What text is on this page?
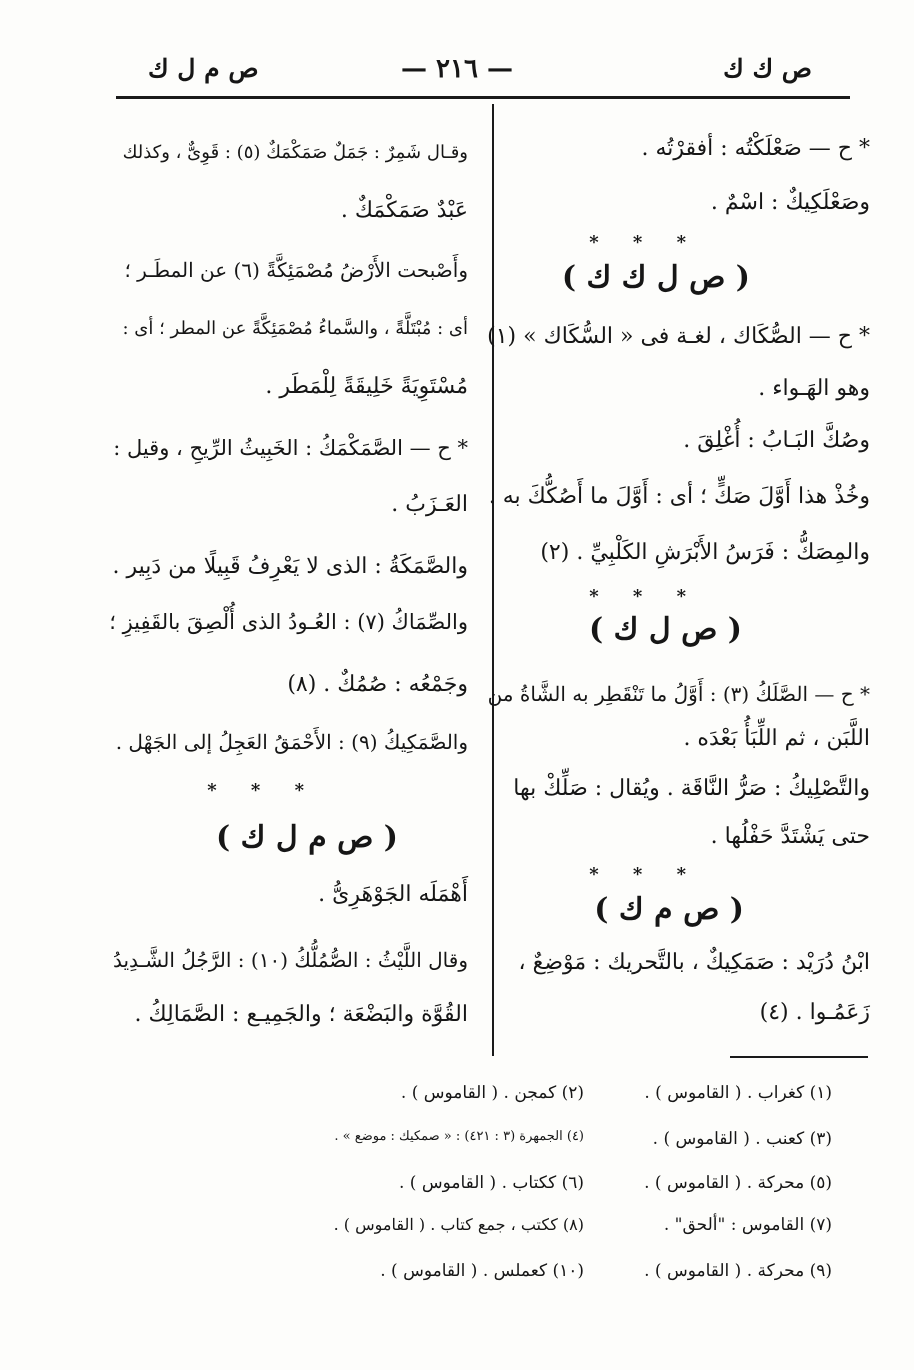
ص ك ك
— ٢١٦ —
ص م ل ك
* ح — صَعْلَكْتُه : أفقرْتُه .
وصَعْلَكِيكٌ : اسْمٌ .
* * *
( ص ل ك ك )
* ح — الصُّكَاك ، لغـة فى « السُّكَاك » (١)
وهو الهَـواء .
وصُكَّ البَـابُ : أُغْلِقَ .
وخُذْ هذا أَوَّلَ صَكٍّ ؛ أى : أَوَّلَ ما أَصُكُّكَ به .
والمِصَكُّ : فَرَسُ الأَبْرَشِ الكَلْبِيِّ . (٢)
* * *
( ص ل ك )
* ح — الصَّلَكُ (٣) : أَوَّلُ ما تَنْقَطِر به الشَّاةُ من
اللَّبَن ، ثم اللِّبَأُ بَعْدَه .
والتَّصْلِيكُ : صَرُّ النَّاقَة . ويُقال : صَلِّكْ بها
حتى يَشْتَدَّ حَفْلُها .
* * *
( ص م ك )
ابْنُ دُرَيْد : صَمَكِيكٌ ، بالتَّحريك : مَوْضِعٌ ،
زَعَمُـوا . (٤)
وقـال شَمِرٌ : جَمَلٌ صَمَكْمَكٌ (٥) : قَوِىٌّ ، وكذلك
عَبْدٌ صَمَكْمَكٌ .
وأَصْبحت الأَرْضُ مُصْمَئِكَّةً (٦) عن المطَـر ؛
أى : مُبْتَلَّةً ، والسَّماءُ مُصْمَئِكَّةً عن المطر ؛ أى :
مُسْتَوِيَةً خَلِيقَةً لِلْمَطَر .
* ح — الصَّمَكْمَكُ : الخَبِيثُ الرِّيحِ ، وقيل :
العَـزَبُ .
والصَّمَكَةُ : الذى لا يَعْرِفُ قَبِيلًا من دَبِير .
والصِّمَاكُ (٧) : العُـودُ الذى أُلْصِقَ بالقَفِيزِ ؛
وجَمْعُه : صُمُكٌ . (٨)
والصَّمَكِيكُ (٩) : الأَحْمَقُ العَجِلُ إلى الجَهْل .
* * *
( ص م ل ك )
أَهْمَلَه الجَوْهَرِىُّ .
وقال اللَّيْثُ : الصُّمُلُّكُ (١٠) : الرَّجُلُ الشَّـدِيدُ
القُوَّة والبَضْعَة ؛ والجَمِيـع : الصَّمَالِكُ .
(١) كغراب . ( القاموس ) .
(٢) كمجن . ( القاموس ) .
(٣) كعنب . ( القاموس ) .
(٤) الجمهرة (٣ : ٤٢١) : « صمكيك : موضع » .
(٥) محركة . ( القاموس ) .
(٦) ككتاب . ( القاموس ) .
(٧) القاموس : "ألحق" .
(٨) ككتب ، جمع كتاب . ( القاموس ) .
(٩) محركة . ( القاموس ) .
(١٠) كعملس . ( القاموس ) .
